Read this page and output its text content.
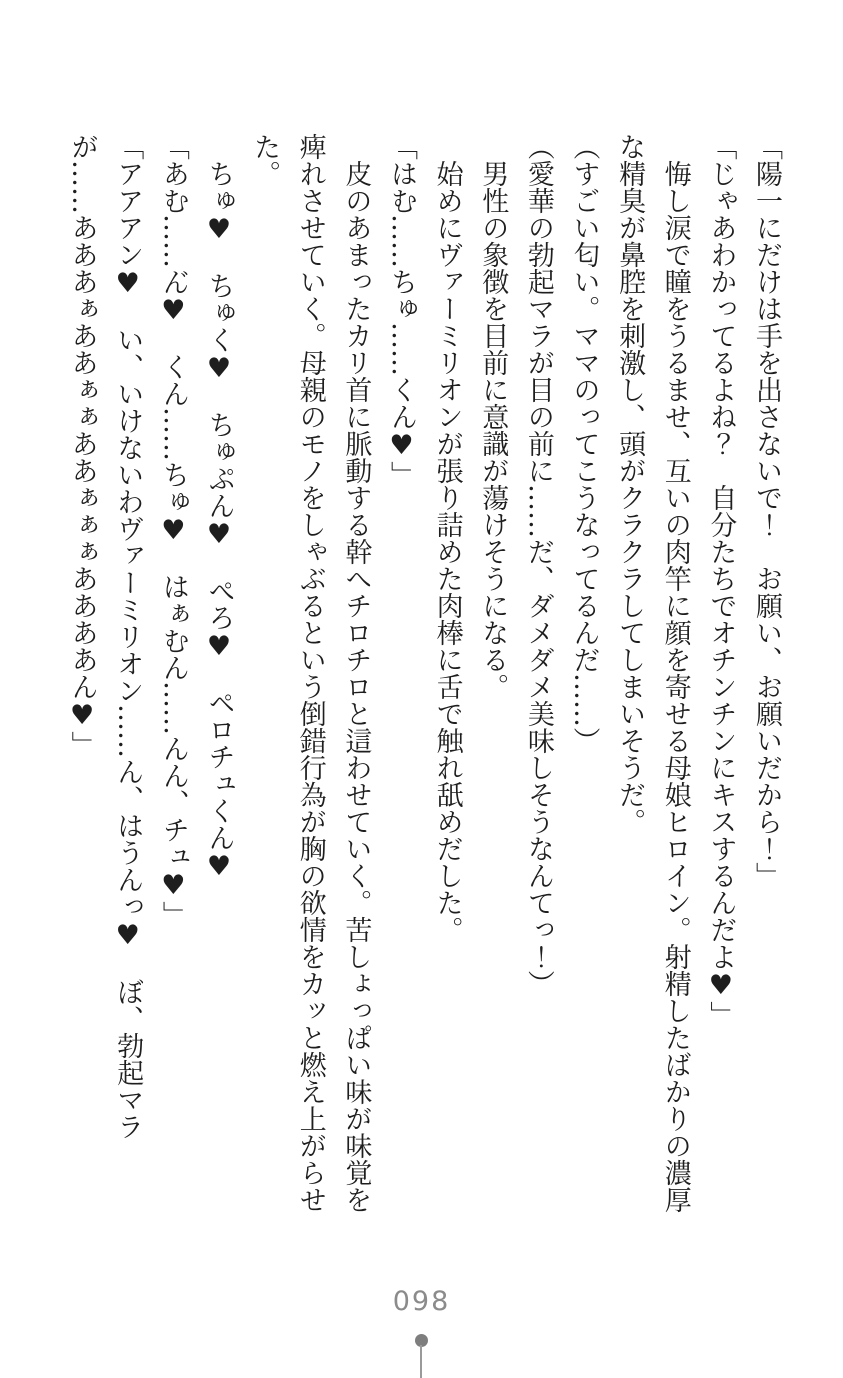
「陽一にだけは手を出さないで！　お願い、お願いだから！」

「じゃあわかってるよね？　自分たちでオチンチンにキスするんだよ♥」

悔し涙で瞳をうるませ、互いの肉竿に顔を寄せる母娘ヒロイン。射精したばかりの濃厚な精臭が鼻腔を刺激し、頭がクラクラしてしまいそうだ。

（すごい匂い。ママのってこうなってるんだ……）

（愛華の勃起マラが目の前に……だ、ダメダメ美味しそうなんてっ！）

男性の象徴を目前に意識が蕩けそうになる。

始めにヴァーミリオンが張り詰めた肉棒に舌で触れ舐めだした。

「はむ……ちゅ……くん♥」

皮のあまったカリ首に脈動する幹へチロチロと這わせていく。苦しょっぱい味が味覚を痺れさせていく。母親のモノをしゃぶるという倒錯行為が胸の欲情をカッと燃え上がらせた。

ちゅ♥　ちゅく♥　ちゅぷん♥　ぺろ♥　ペロチュくん♥

「あむ……ん゙♥　くん……ちゅ♥　はぁむん……んん、チュ♥」

「アアアン♥　い、いけないわヴァーミリオン……ん、はうんっ♥　ぼ、勃起マラが……あああぁああぁぁああぁぁぁああああん♥」

098
